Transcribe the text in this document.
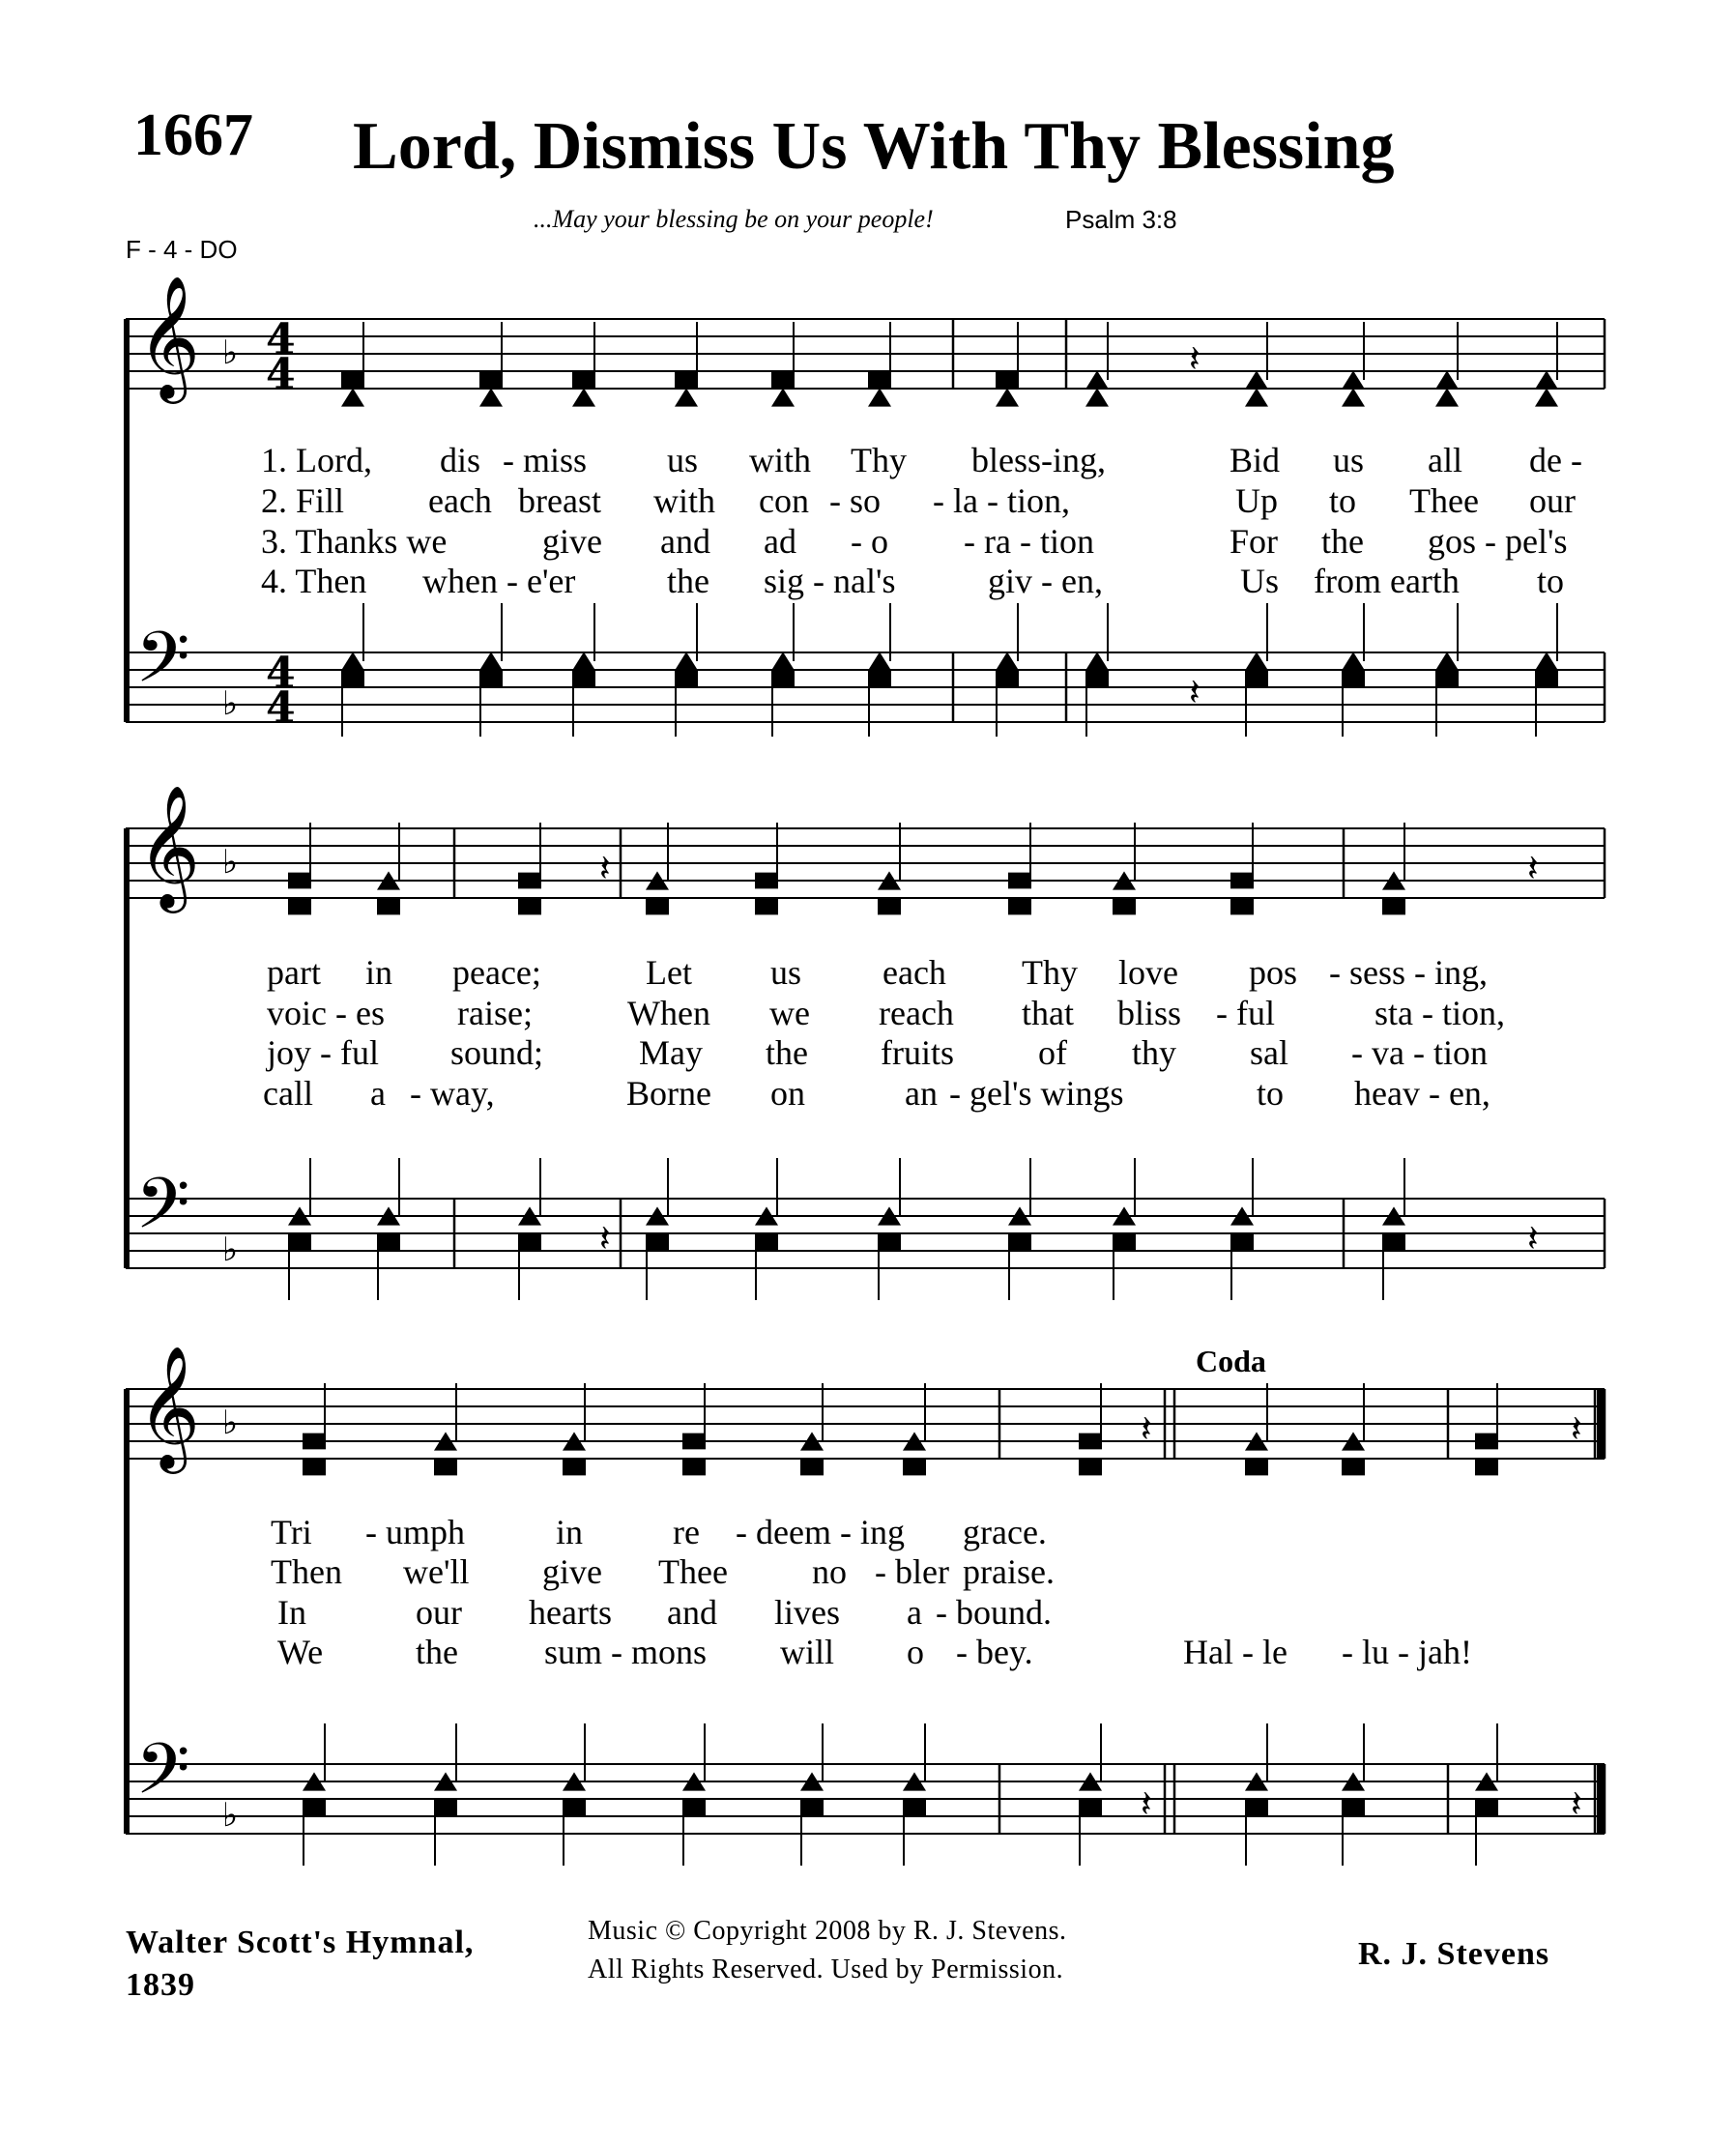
1667 Lord, Dismiss Us With Thy Blessing
...May your blessing be on your people!	Psalm 3:8
F - 4 - DO
𝄞
𝄢
♭
♭
4
4
4
4
𝄞
𝄢
♭
♭
𝄞
𝄢
♭
♭
𝄽
𝄽
𝄽	𝄽
𝄽	𝄽
𝄽	𝄽
𝄽	𝄽
1. Lord, dis - miss us with Thy bless-ing,	Bid us all de -
2. Fill each breast with con - so - la - tion,	Up to Thee our
3. Thanks we	give and ad - o - ra - tion	For the gos - pel's
4. Then when - e'er	the sig - nal's	giv - en,	Us from earth to
part in peace;	Let us each Thy love pos - sess - ing,
voic - es raise;	When we reach that bliss - ful	sta - tion,
joy - ful sound;	May the fruits of thy sal - va - tion
call a - way,	Borne on	an - gel's wings	to heav - en,
Coda
Tri - umph	in	re - deem - ing grace.
Then we'll give Thee no - bler praise.
In	our hearts and lives a - bound.
We	the sum - mons will o - bey.	Hal - le - lu - jah!
Walter Scott's Hymnal,
1839
Music © Copyright 2008 by R. J. Stevens.
All Rights Reserved. Used by Permission.	R. J. Stevens
